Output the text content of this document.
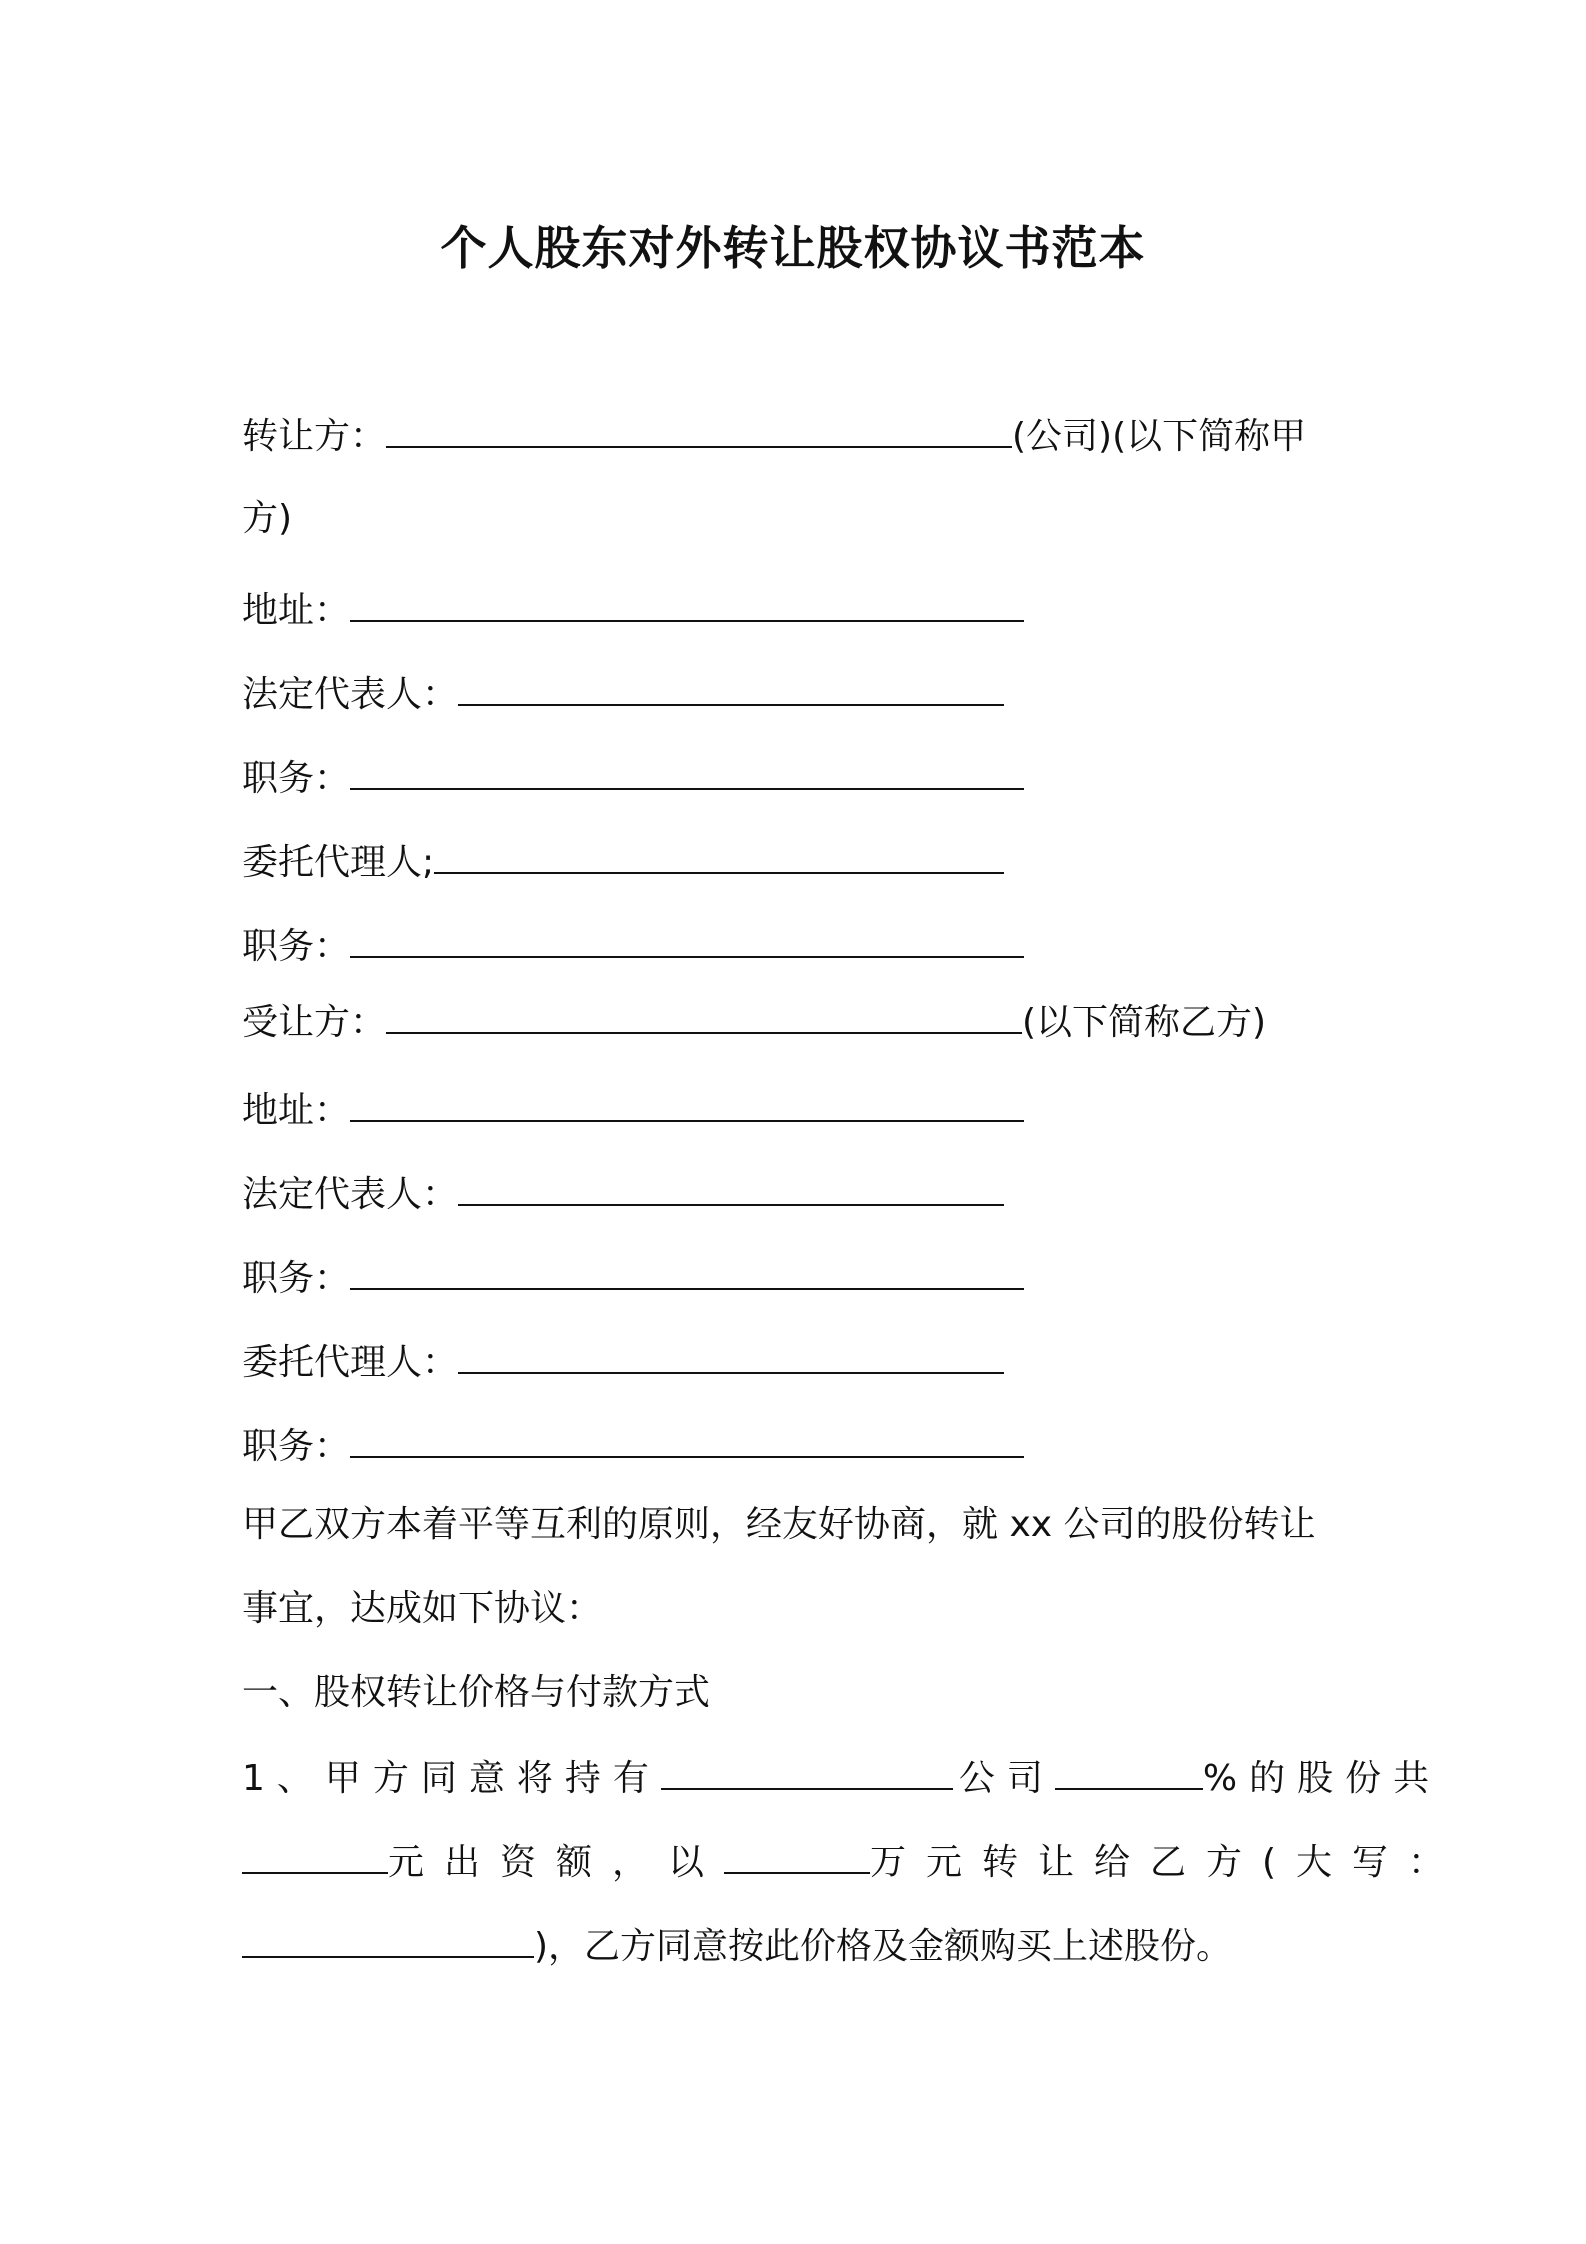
个人股东对外转让股权协议书范本
转让方：	(公司)(以下简称甲
方)
地址：
法定代表人：
职务：
委托代理人;
职务：
受让方：	(以下简称乙方)
地址：
法定代表人：
职务：
委托代理人：
职务：
甲乙双方本着平等互利的原则，经友好协商，就 xx 公司的股份转让
事宜，达成如下协议：
一、股权转让价格与付款方式
1、甲方同意将持有	公司	%的股份共
元出资额，以	万元转让给乙方(大写：
)，乙方同意按此价格及金额购买上述股份。
